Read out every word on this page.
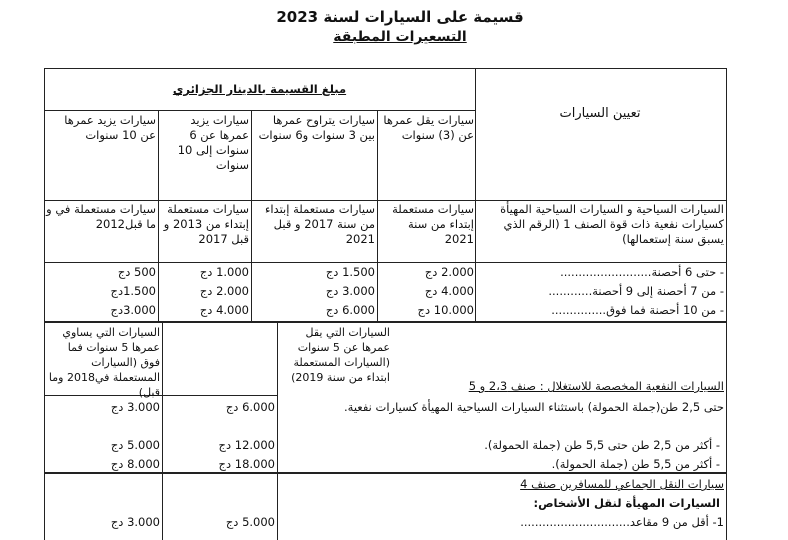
قسيمة على السيارات لسنة 2023
التسعيرات المطبقة
تعيين السيارات
مبلغ القسيمة بالدينار الجزائري
سيارات يقل عمرها عن (3) سنوات
سيارات يتراوح عمرها بين 3 سنوات و6 سنوات
سيارات يزيد عمرها عن 6 سنوات إلى 10 سنوات
سيارات يزيد عمرها عن 10 سنوات
السيارات السياحية و السيارات السياحية المهيأة كسيارات نفعية ذات قوة الصنف 1 (الرقم الذي يسبق سنة إستعمالها)
سيارات مستعملة إبتداء من سنة 2021
سيارات مستعملة إبتداء من سنة 2017 و قبل 2021
سيارات مستعملة إبتداء من 2013 و قبل 2017
سيارات مستعملة في و ما قبل2012
- حتى 6 أحصنة.........................
- من 7 أحصنة إلى 9 أحصنة............
- من 10 أحصنة فما فوق...............
2.000 دج
4.000 دج
10.000 دج
1.500 دج
3.000 دج
6.000 دج
1.000 دج
2.000 دج
4.000 دج
500 دج
1.500دج
3.000دج
السيارات التي يقل عمرها عن 5 سنوات (السيارات المستعملة ابتداء من سنة 2019)
السيارات التي يساوي عمرها 5 سنوات فما فوق (السيارات المستعملة في2018 وما قبل)	السيارات النفعية المخصصة للاستغلال : صنف 2،3 و 5
حتى 2,5 طن(جملة الحمولة) باستثناء السيارات السياحية المهيأة كسيارات نفعية.
- أكثر من 2,5 طن حتى 5,5 طن (جملة الحمولة).
- أكثر من 5,5 طن (جملة الحمولة).
6.000 دج
12.000 دج
18.000 دج
3.000 دج
5.000 دج
8.000 دج
سيارات النقل الجماعي للمسافرين صنف 4
السيارات المهيأة لنقل الأشخاص:
1- أقل من 9 مقاعد..............................
5.000 دج
3.000 دج
